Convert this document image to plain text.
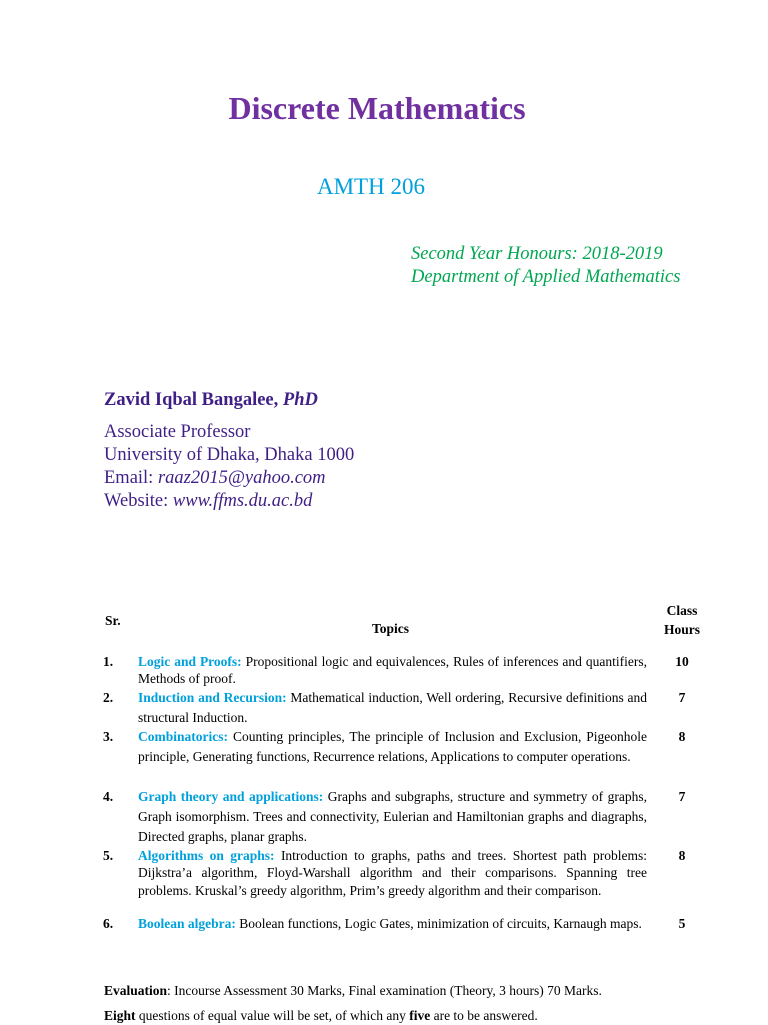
Discrete Mathematics
AMTH 206
Second Year Honours: 2018-2019
Department of Applied Mathematics
Zavid Iqbal Bangalee, PhD
Associate Professor
University of Dhaka, Dhaka 1000
Email: raaz2015@yahoo.com
Website: www.ffms.du.ac.bd
Sr.
Topics
Class
Hours
1. Logic and Proofs: Propositional logic and equivalences, Rules of inferences and quantifiers, Methods of proof.
10
2. Induction and Recursion: Mathematical induction, Well ordering, Recursive definitions and structural Induction.
7
3. Combinatorics: Counting principles, The principle of Inclusion and Exclusion, Pigeonhole principle, Generating functions, Recurrence relations, Applications to computer operations.
8
4. Graph theory and applications: Graphs and subgraphs, structure and symmetry of graphs, Graph isomorphism. Trees and connectivity, Eulerian and Hamiltonian graphs and diagraphs, Directed graphs, planar graphs.
7
5. Algorithms on graphs: Introduction to graphs, paths and trees. Shortest path problems: Dijkstra’a algorithm, Floyd-Warshall algorithm and their comparisons. Spanning tree problems. Kruskal’s greedy algorithm, Prim’s greedy algorithm and their comparison.
8
6. Boolean algebra: Boolean functions, Logic Gates, minimization of circuits, Karnaugh maps.	5
Evaluation: Incourse Assessment 30 Marks, Final examination (Theory, 3 hours) 70 Marks.
Eight questions of equal value will be set, of which any five are to be answered.
